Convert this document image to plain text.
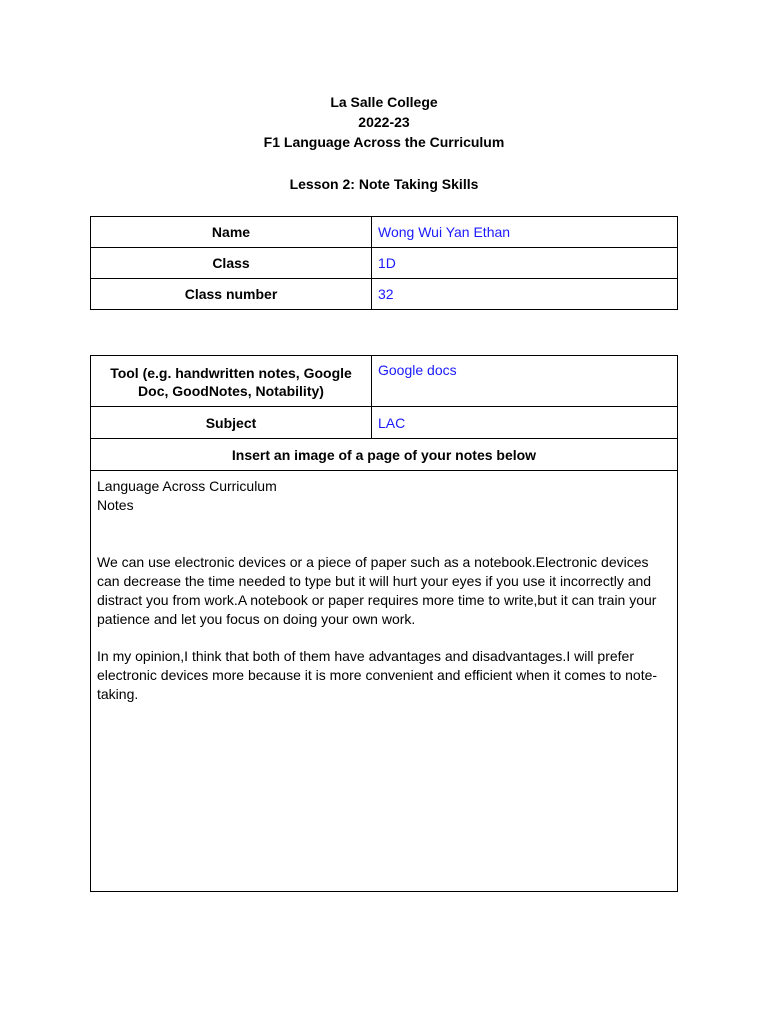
La Salle College
2022-23
F1 Language Across the Curriculum
Lesson 2: Note Taking Skills
Name	Wong Wui Yan Ethan
Class	1D
Class number	32
Tool (e.g. handwritten notes, Google
Doc, GoodNotes, Notability)	Google docs
Subject	LAC
Insert an image of a page of your notes below	

Language Across Curriculum
Notes

We can use electronic devices or a piece of paper such as a notebook.Electronic devices can decrease the time needed to type but it will hurt your eyes if you use it incorrectly and distract you from work.A notebook or paper requires more time to write,but it can train your patience and let you focus on doing your own work.

In my opinion,I think that both of them have advantages and disadvantages.I will prefer electronic devices more because it is more convenient and efficient when it comes to note-taking.	
